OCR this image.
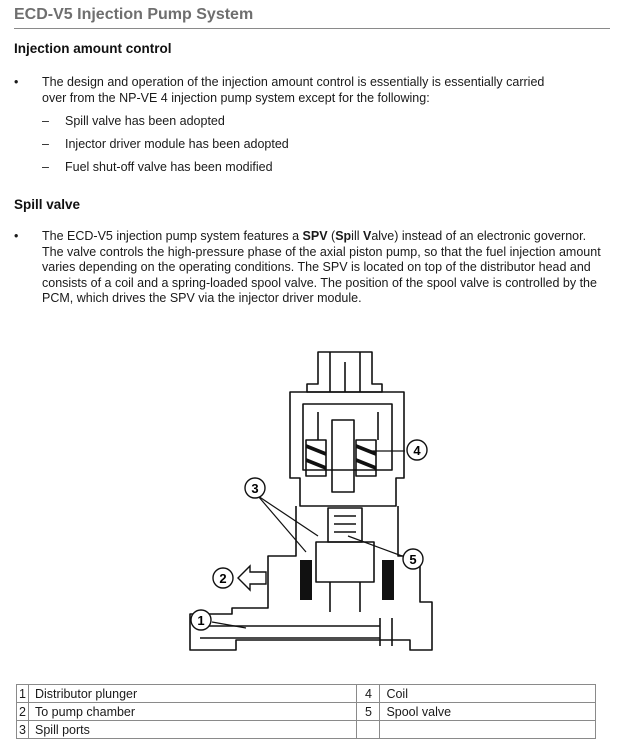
ECD-V5 Injection Pump System
Injection amount control
• The design and operation of the injection amount control is essentially is essentially carried
over from the NP-VE 4 injection pump system except for the following:
– Spill valve has been adopted
– Injector driver module has been adopted
– Fuel shut-off valve has been modified
Spill valve
• The ECD-V5 injection pump system features a SPV (Spill Valve) instead of an electronic governor. The valve controls the high-pressure phase of the axial piston pump, so that the fuel injection amount varies depending on the operating conditions. The SPV is located on top of the distributor head and consists of a coil and a spring-loaded spool valve. The position of the spool valve is controlled by the PCM, which drives the SPV via the injector driver module.
1
2
3
4
5
1	Distributor plunger	4	Coil
2	To pump chamber	5	Spool valve
3	Spill ports		
